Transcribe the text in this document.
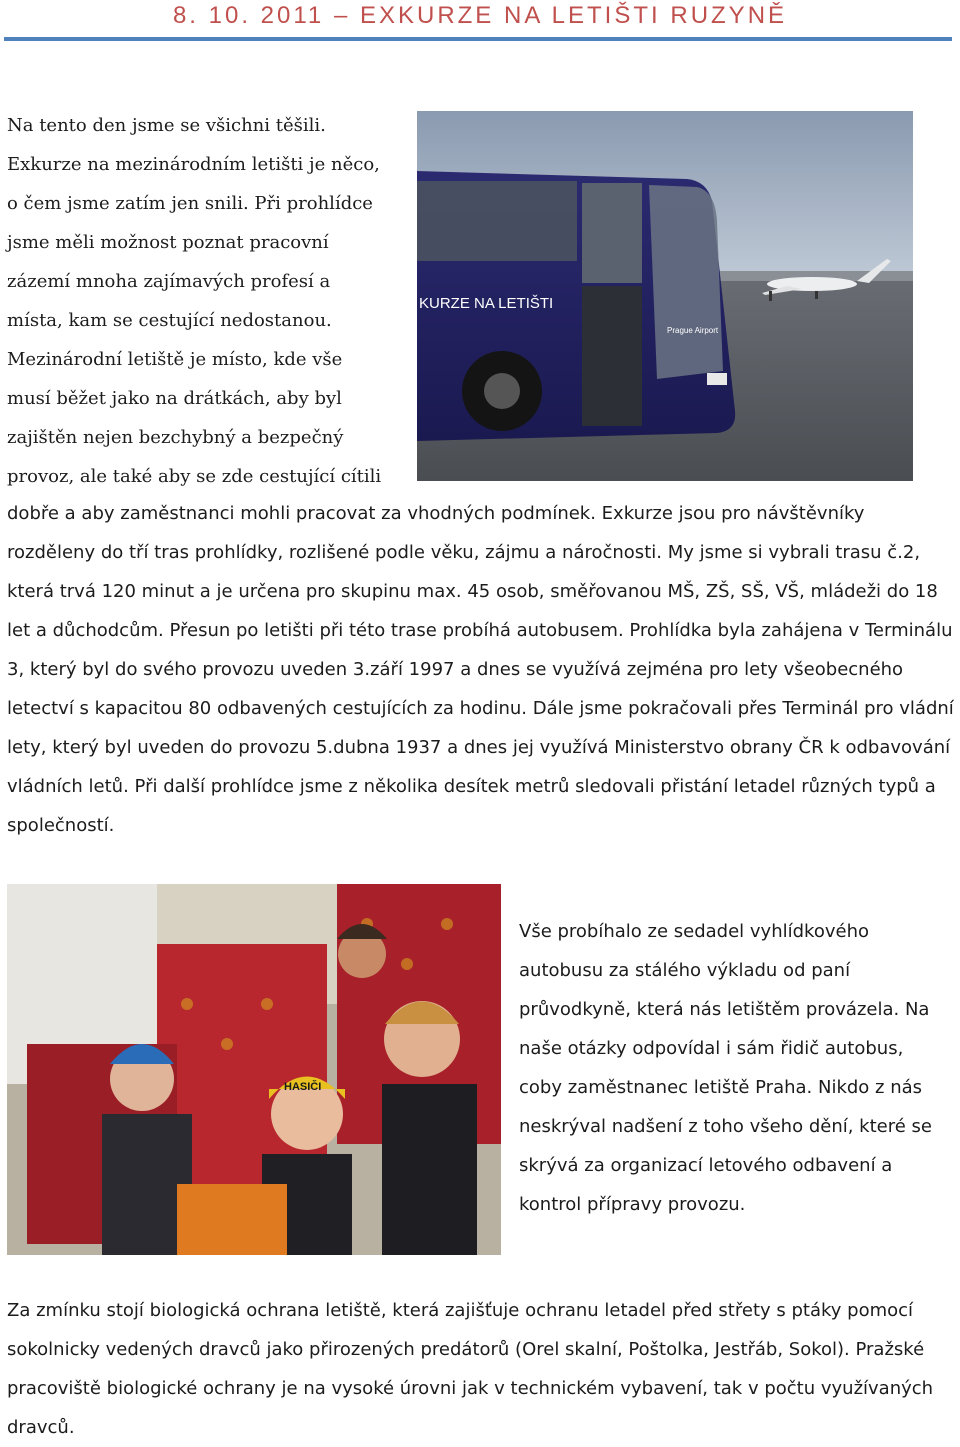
8. 10. 2011 – EXKURZE NA LETIŠTI RUZYNĚ
Na tento den jsme se všichni těšili.
Exkurze na mezinárodním letišti je něco,
o čem jsme zatím jen snili. Při prohlídce
jsme měli možnost poznat pracovní
zázemí mnoha zajímavých profesí a
místa, kam se cestující nedostanou.
Mezinárodní letiště je místo, kde vše
musí běžet jako na drátkách, aby byl
zajištěn nejen bezchybný a bezpečný
provoz, ale také aby se zde cestující cítili
KURZE NA LETIŠTI
Prague Airport
dobře a aby zaměstnanci mohli pracovat za vhodných podmínek. Exkurze jsou pro návštěvníky rozděleny do tří tras prohlídky, rozlišené podle věku, zájmu a náročnosti. My jsme si vybrali trasu č.2, která trvá 120 minut a je určena pro skupinu max. 45 osob, směřovanou MŠ, ZŠ, SŠ, VŠ, mládeži do 18 let a důchodcům. Přesun po letišti při této trase probíhá autobusem. Prohlídka byla zahájena v Terminálu 3, který byl do svého provozu uveden 3.září 1997 a dnes se využívá zejména pro lety všeobecného letectví s kapacitou 80 odbavených cestujících za hodinu. Dále jsme pokračovali přes Terminál pro vládní lety, který byl uveden do provozu 5.dubna 1937 a dnes jej využívá Ministerstvo obrany ČR k odbavování vládních letů. Při další prohlídce jsme z několika desítek metrů sledovali přistání letadel různých typů a společností.
HASIČI
Vše probíhalo ze sedadel vyhlídkového autobusu za stálého výkladu od paní průvodkyně, která nás letištěm provázela. Na naše otázky odpovídal i sám řidič autobus, coby zaměstnanec letiště Praha. Nikdo z nás neskrýval nadšení z toho všeho dění, které se skrývá za organizací letového odbavení a kontrol přípravy provozu.
Za zmínku stojí biologická ochrana letiště, která zajišťuje ochranu letadel před střety s ptáky pomocí sokolnicky vedených dravců jako přirozených predátorů (Orel skalní, Poštolka, Jestřáb, Sokol). Pražské pracoviště biologické ochrany je na vysoké úrovni jak v technickém vybavení, tak v počtu využívaných dravců.
